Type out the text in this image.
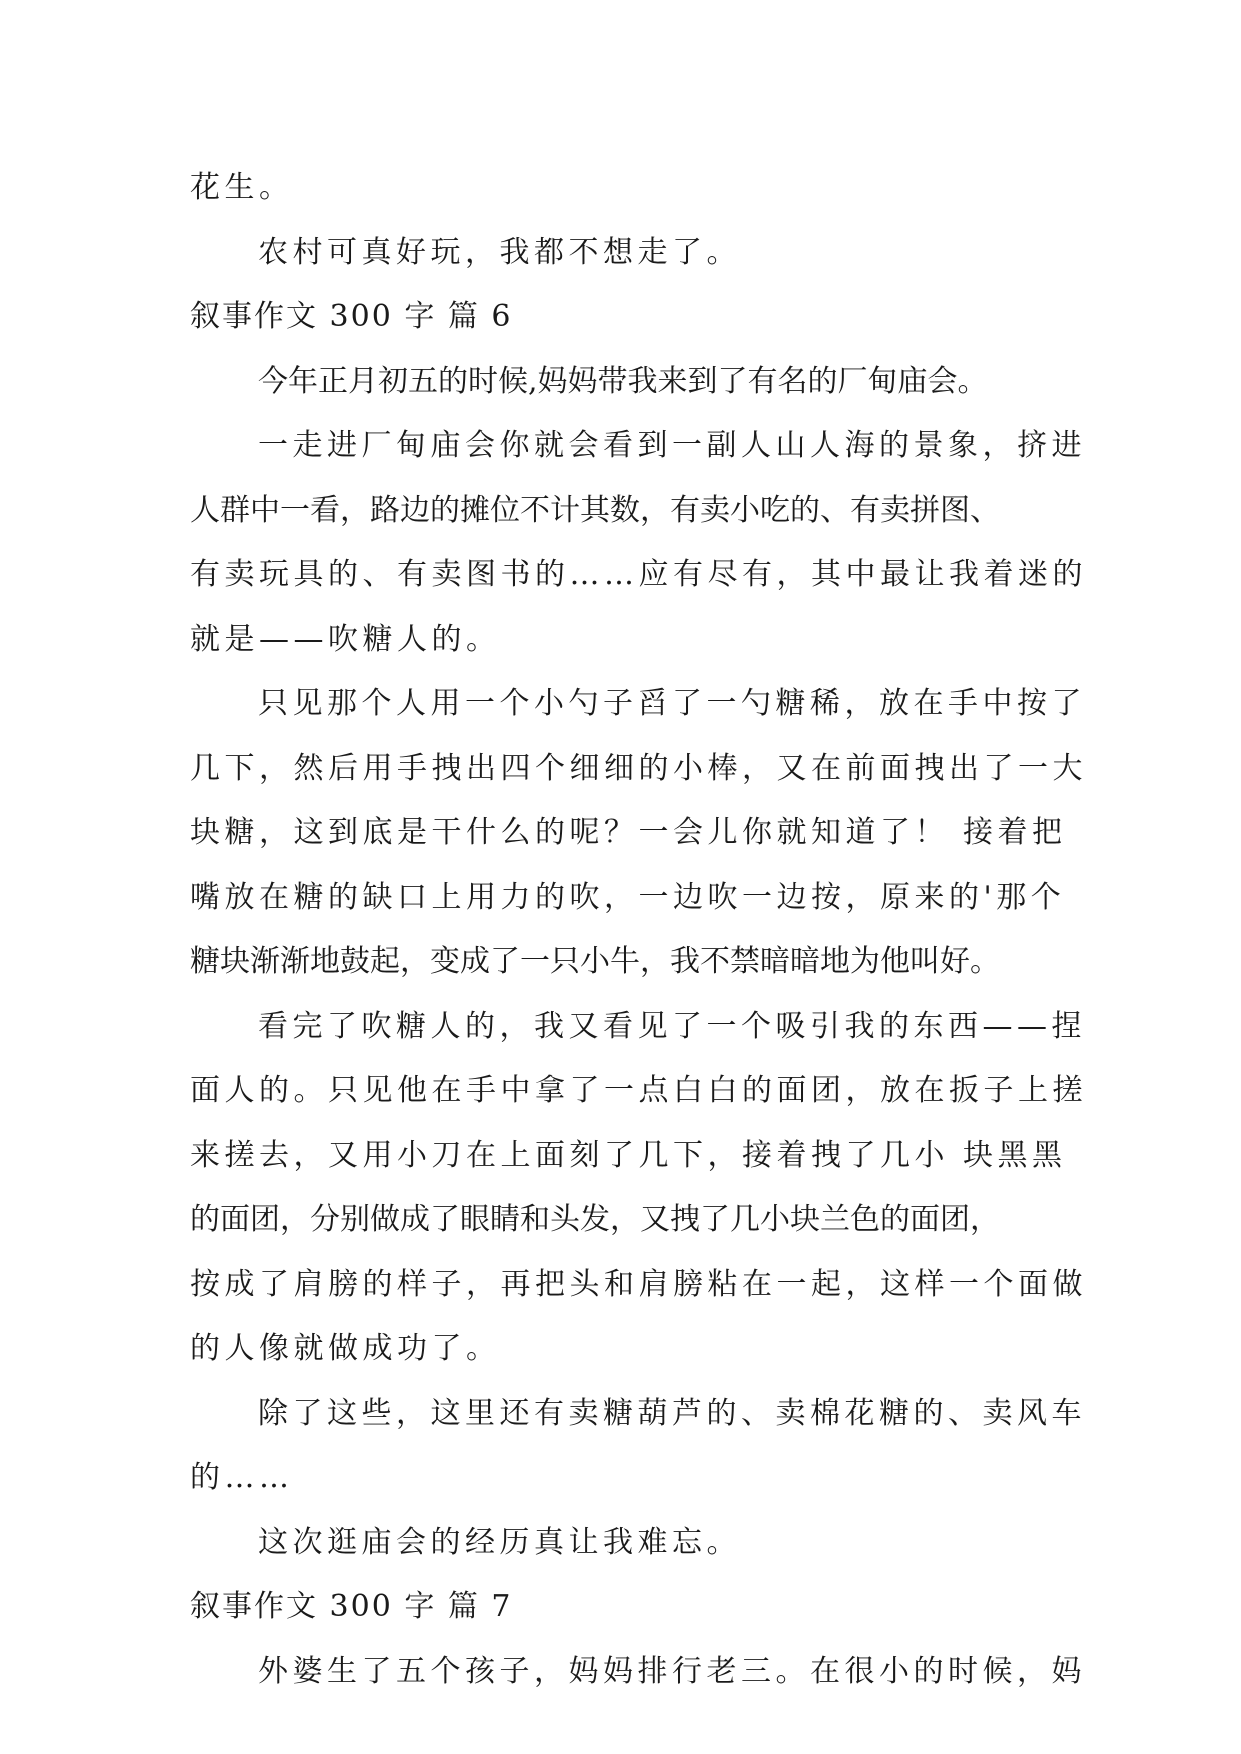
花生。
农村可真好玩，我都不想走了。
叙事作文 300 字 篇 6
今年正月初五的时候,妈妈带我来到了有名的厂甸庙会。
一走进厂甸庙会你就会看到一副人山人海的景象，挤进
人群中一看，路边的摊位不计其数，有卖小吃的、有卖拼图、
有卖玩具的、有卖图书的……应有尽有，其中最让我着迷的
就是——吹糖人的。
只见那个人用一个小勺子舀了一勺糖稀，放在手中按了
几下，然后用手拽出四个细细的小棒，又在前面拽出了一大
块糖，这到底是干什么的呢？一会儿你就知道了！ 接着把
嘴放在糖的缺口上用力的吹，一边吹一边按，原来的'那个
糖块渐渐地鼓起，变成了一只小牛，我不禁暗暗地为他叫好。
看完了吹糖人的，我又看见了一个吸引我的东西——捏
面人的。只见他在手中拿了一点白白的面团，放在扳子上搓
来搓去，又用小刀在上面刻了几下，接着拽了几小 块黑黑
的面团，分别做成了眼睛和头发，又拽了几小块兰色的面团，
按成了肩膀的样子，再把头和肩膀粘在一起，这样一个面做
的人像就做成功了。
除了这些，这里还有卖糖葫芦的、卖棉花糖的、卖风车
的……
这次逛庙会的经历真让我难忘。
叙事作文 300 字 篇 7
外婆生了五个孩子，妈妈排行老三。在很小的时候，妈
